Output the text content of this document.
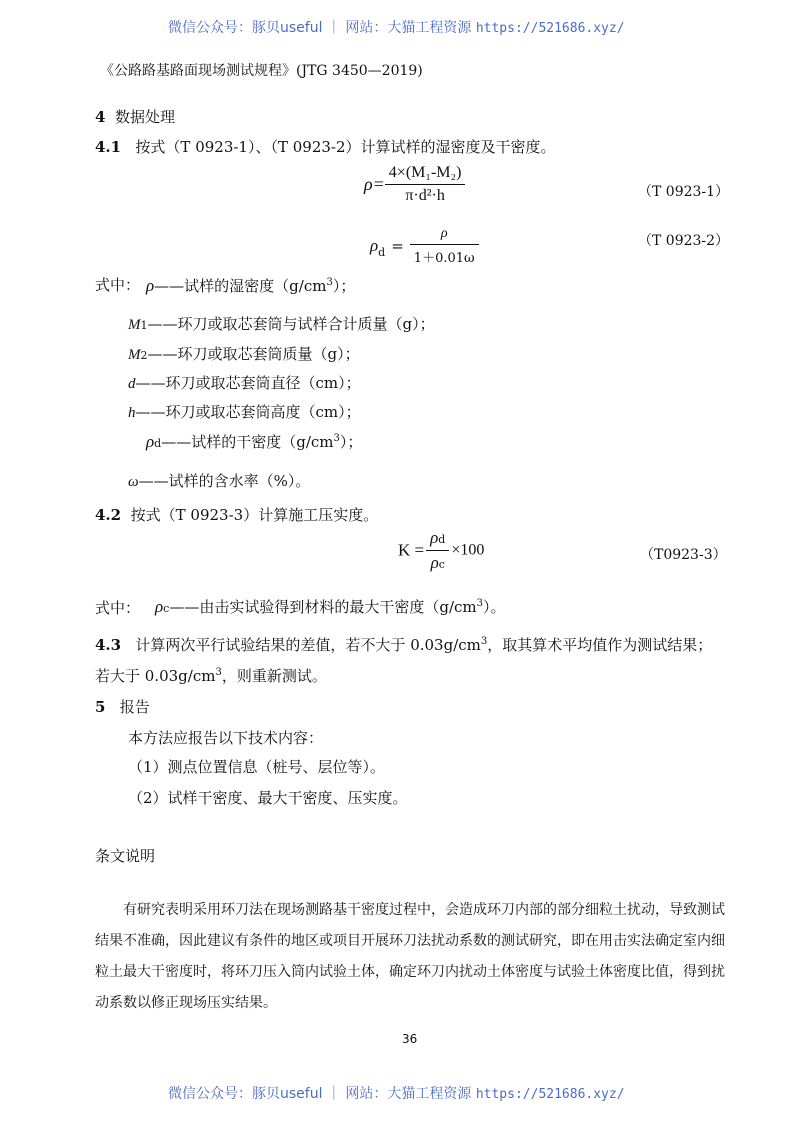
微信公众号：豚贝useful ｜ 网站：大猫工程资源 https://521686.xyz/
《公路路基路面现场测试规程》(JTG 3450—2019)
4 数据处理
4.1 按式（T 0923-1）、（T 0923-2）计算试样的湿密度及干密度。
$\rho= \frac{\text{4×(M₁-M₂)}}{\text{π·d²·h}}$	（T 0923-1）
$\rho_d = \frac{\rho}{1+0.01\omega}$	（T 0923-2）
式中： ρ——试样的湿密度$(g/cm^3)$；
M1——环刀或取芯套筒与试样合计质量（g）；
M2——环刀或取芯套筒质量（g）；
d——环刀或取芯套筒直径（cm）；
h——环刀或取芯套筒高度（cm）；
ρd——试样的干密度$(g/cm^3)$；
ω——试样的含水率（%）。
4.2 按式（T 0923-3）计算施工压实度。
$K = \frac{\rho d}{\rho c} \times 100$	（T0923-3）
式中： ρc——由击实试验得到材料的最大干密度$(g/cm^3)$。
4.3 计算两次平行试验结果的差值，若不大于 $0.03g/cm^3$，取其算术平均值作为测试结果；
若大于 $0.03g/cm^3$，则重新测试。
5 报告
本方法应报告以下技术内容：
（1）测点位置信息（桩号、层位等）。
（2）试样干密度、最大干密度、压实度。
条文说明
有研究表明采用环刀法在现场测路基干密度过程中，会造成环刀内部的部分细粒土扰动，导致测试结果不准确，因此建议有条件的地区或项目开展环刀法扰动系数的测试研究，即在用击实法确定室内细粒土最大干密度时，将环刀压入筒内试验土体，确定环刀内扰动土体密度与试验土体密度比值，得到扰动系数以修正现场压实结果。
36
微信公众号：豚贝useful ｜ 网站：大猫工程资源 https://521686.xyz/
